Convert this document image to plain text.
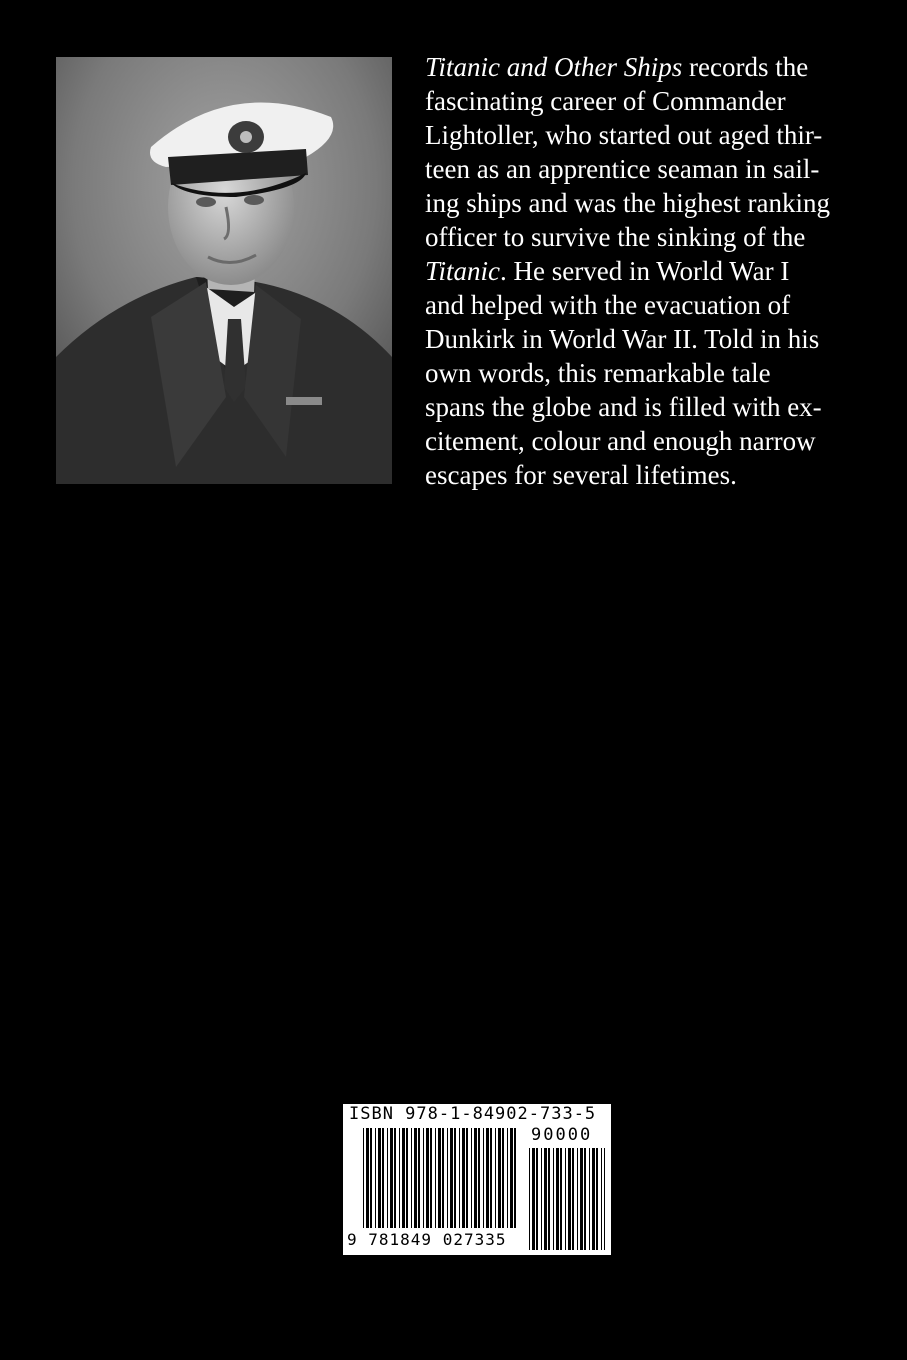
Titanic and Other Ships records the
fascinating career of Commander
Lightoller, who started out aged thir-
teen as an apprentice seaman in sail-
ing ships and was the highest ranking
officer to survive the sinking of the
Titanic. He served in World War I
and helped with the evacuation of
Dunkirk in World War II. Told in his
own words, this remarkable tale
spans the globe and is filled with ex-
citement, colour and enough narrow
escapes for several lifetimes.

ISBN 978-1-84902-733-5
90000
9 781849 027335
